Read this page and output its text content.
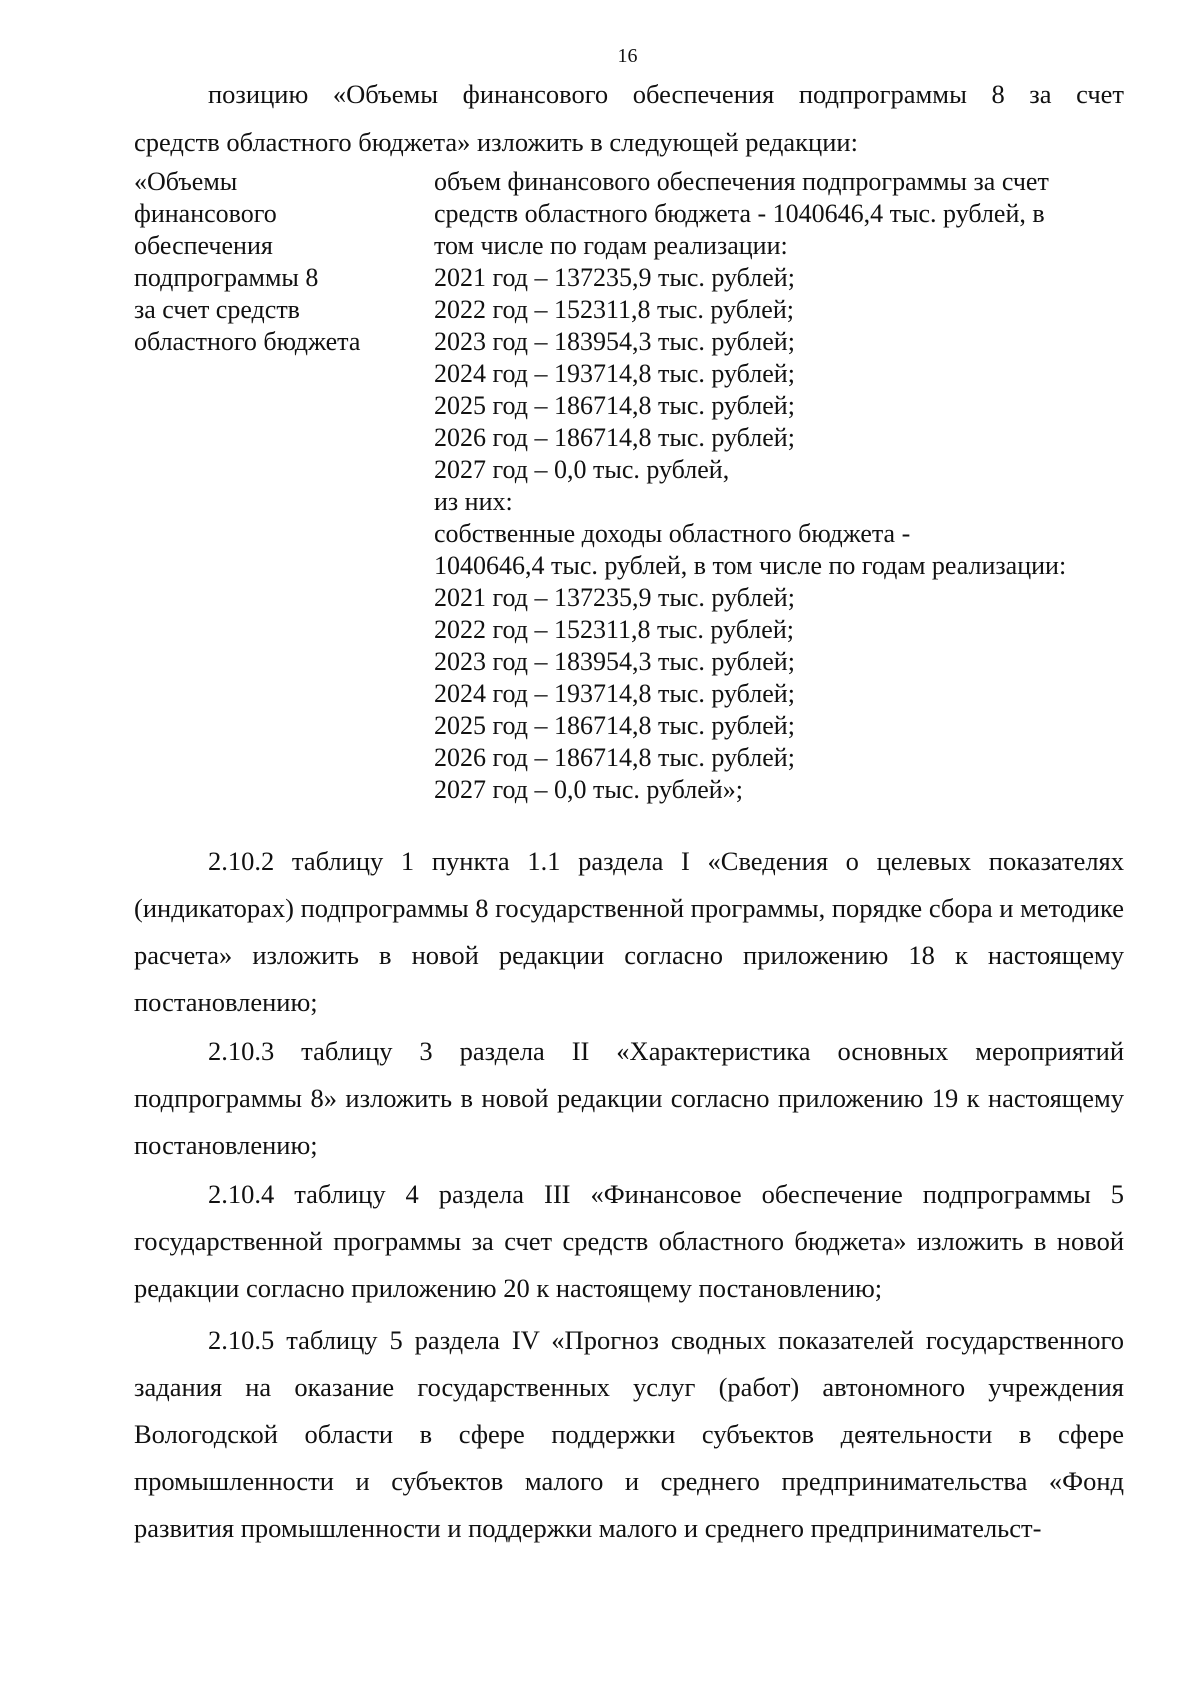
16
позицию «Объемы финансового обеспечения подпрограммы 8 за счет
средств областного бюджета» изложить в следующей редакции:
«Объемы
финансового
обеспечения
подпрограммы 8
за счет средств
областного бюджета
объем финансового обеспечения подпрограммы за счет
средств областного бюджета - 1040646,4 тыс. рублей, в
том числе по годам реализации:
2021 год – 137235,9 тыс. рублей;
2022 год – 152311,8 тыс. рублей;
2023 год – 183954,3 тыс. рублей;
2024 год – 193714,8 тыс. рублей;
2025 год – 186714,8 тыс. рублей;
2026 год – 186714,8 тыс. рублей;
2027 год – 0,0 тыс. рублей,
из них:
собственные доходы областного бюджета -
1040646,4 тыс. рублей, в том числе по годам реализации:
2021 год – 137235,9 тыс. рублей;
2022 год – 152311,8 тыс. рублей;
2023 год – 183954,3 тыс. рублей;
2024 год – 193714,8 тыс. рублей;
2025 год – 186714,8 тыс. рублей;
2026 год – 186714,8 тыс. рублей;
2027 год – 0,0 тыс. рублей»;

2.10.2 таблицу 1 пункта 1.1 раздела I «Сведения о целевых показателях (индикаторах) подпрограммы 8 государственной программы, порядке сбора и методике расчета» изложить в новой редакции согласно приложению 18 к настоящему постановлению;

2.10.3 таблицу 3 раздела II «Характеристика основных мероприятий подпрограммы 8» изложить в новой редакции согласно приложению 19 к настоящему постановлению;

2.10.4 таблицу 4 раздела III «Финансовое обеспечение подпрограммы 5 государственной программы за счет средств областного бюджета» изложить в новой редакции согласно приложению 20 к настоящему постановлению;

2.10.5 таблицу 5 раздела IV «Прогноз сводных показателей государственного задания на оказание государственных услуг (работ) автономного учреждения Вологодской области в сфере поддержки субъектов деятельности в сфере промышленности и субъектов малого и среднего предпринимательства «Фонд развития промышленности и поддержки малого и среднего предпринимательст-
